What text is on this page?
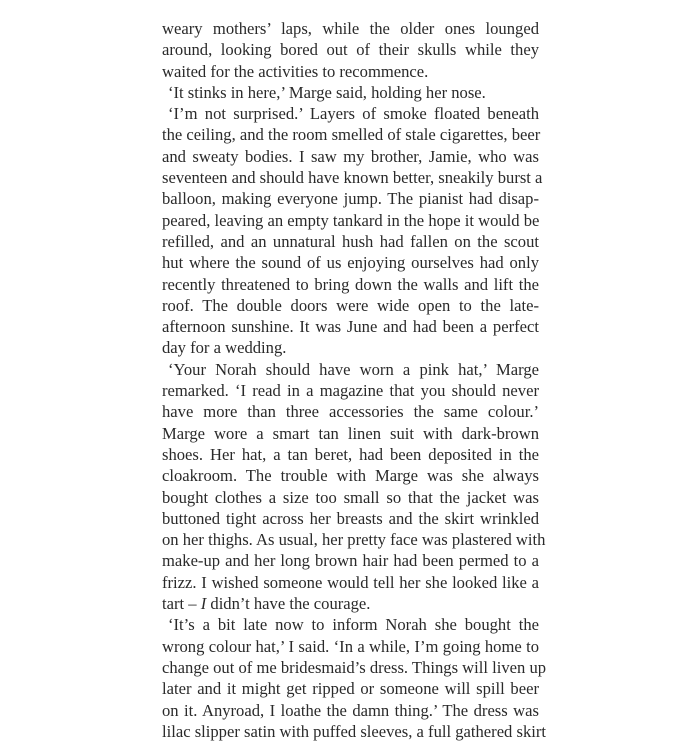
weary mothers’ laps, while the older ones lounged
around, looking bored out of their skulls while they
waited for the activities to recommence.
‘It stinks in here,’ Marge said, holding her nose.
‘I’m not surprised.’ Layers of smoke floated beneath
the ceiling, and the room smelled of stale cigarettes, beer
and sweaty bodies. I saw my brother, Jamie, who was
seventeen and should have known better, sneakily burst a
balloon, making everyone jump. The pianist had disap-
peared, leaving an empty tankard in the hope it would be
refilled, and an unnatural hush had fallen on the scout
hut where the sound of us enjoying ourselves had only
recently threatened to bring down the walls and lift the
roof. The double doors were wide open to the late-
afternoon sunshine. It was June and had been a perfect
day for a wedding.
‘Your Norah should have worn a pink hat,’ Marge
remarked. ‘I read in a magazine that you should never
have more than three accessories the same colour.’
Marge wore a smart tan linen suit with dark-brown
shoes. Her hat, a tan beret, had been deposited in the
cloakroom. The trouble with Marge was she always
bought clothes a size too small so that the jacket was
buttoned tight across her breasts and the skirt wrinkled
on her thighs. As usual, her pretty face was plastered with
make-up and her long brown hair had been permed to a
frizz. I wished someone would tell her she looked like a
tart – I didn’t have the courage.
‘It’s a bit late now to inform Norah she bought the
wrong colour hat,’ I said. ‘In a while, I’m going home to
change out of me bridesmaid’s dress. Things will liven up
later and it might get ripped or someone will spill beer
on it. Anyroad, I loathe the damn thing.’ The dress was
lilac slipper satin with puffed sleeves, a full gathered skirt
